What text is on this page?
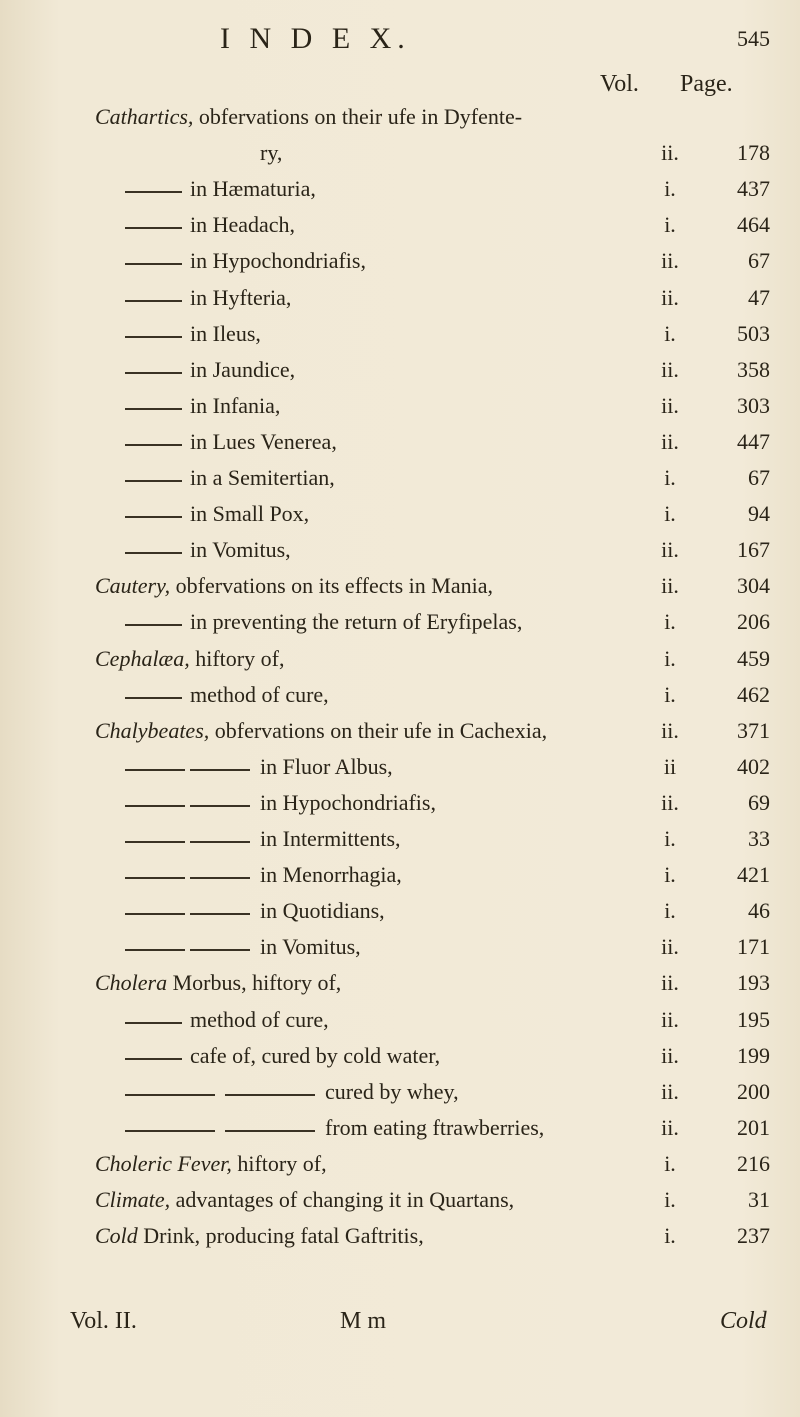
I N D E X.	545
Vol. Page.
Cathartics, obfervations on their ufe in Dyfente-
ry,	ii.	178
in Hæmaturia,	i.	437
in Headach,	i.	464
in Hypochondriafis,	ii.	67
in Hyfteria,	ii.	47
in Ileus,	i.	503
in Jaundice,	ii.	358
in Infania,	ii.	303
in Lues Venerea,	ii.	447
in a Semitertian,	i.	67
in Small Pox,	i.	94
in Vomitus,	ii.	167
Cautery, obfervations on its effects in Mania,	ii.	304
in preventing the return of Eryfipelas,	i.	206
Cephalæa, hiftory of,	i.	459
method of cure,	i.	462
Chalybeates, obfervations on their ufe in Cachexia,	ii.	371
in Fluor Albus,	ii	402
in Hypochondriafis,	ii.	69
in Intermittents,	i.	33
in Menorrhagia,	i.	421
in Quotidians,	i.	46
in Vomitus,	ii.	171
Cholera Morbus, hiftory of,	ii.	193
method of cure,	ii.	195
cafe of, cured by cold water,	ii.	199
cured by whey,	ii.	200
from eating ftrawberries,	ii.	201
Choleric Fever, hiftory of,	i.	216
Climate, advantages of changing it in Quartans,	i.	31
Cold Drink, producing fatal Gaftritis,	i.	237
Vol. II.	M m	Cold
